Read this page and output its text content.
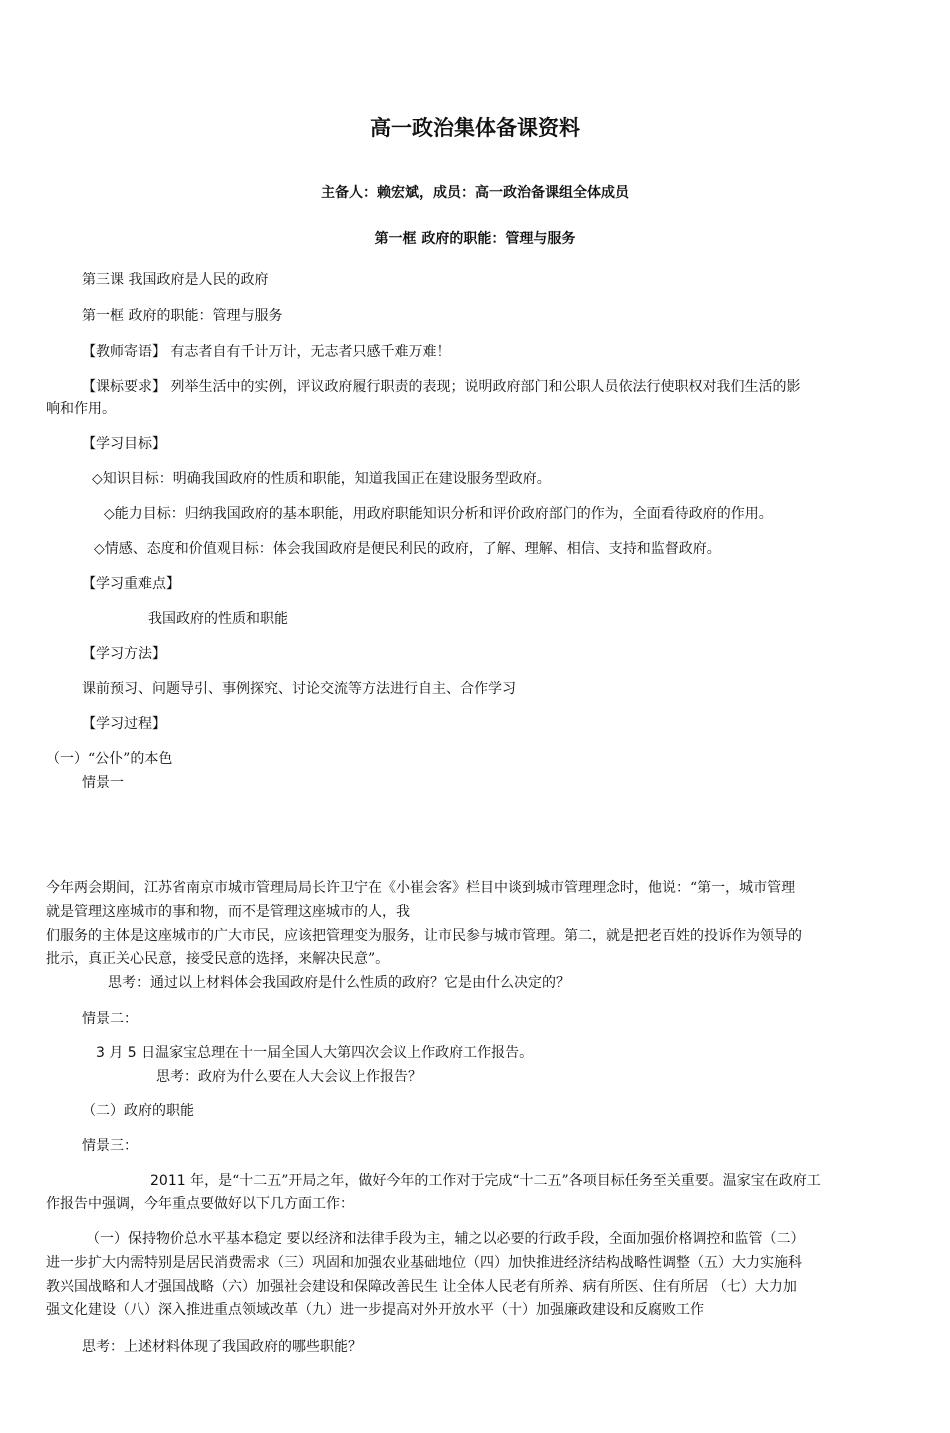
高一政治集体备课资料
主备人：赖宏斌，成员：高一政治备课组全体成员
第一框 政府的职能：管理与服务
第三课 我国政府是人民的政府
第一框 政府的职能：管理与服务
【教师寄语】 有志者自有千计万计，无志者只感千难万难！
【课标要求】 列举生活中的实例，评议政府履行职责的表现；说明政府部门和公职人员依法行使职权对我们生活的影
响和作用。
【学习目标】
◇知识目标：明确我国政府的性质和职能，知道我国正在建设服务型政府。
◇能力目标：归纳我国政府的基本职能，用政府职能知识分析和评价政府部门的作为，全面看待政府的作用。
◇情感、态度和价值观目标：体会我国政府是便民利民的政府，了解、理解、相信、支持和监督政府。
【学习重难点】
我国政府的性质和职能
【学习方法】
课前预习、问题导引、事例探究、讨论交流等方法进行自主、合作学习
【学习过程】
（一）“公仆”的本色
情景一
今年两会期间，江苏省南京市城市管理局局长许卫宁在《小崔会客》栏目中谈到城市管理理念时，他说：“第一，城市管理
就是管理这座城市的事和物，而不是管理这座城市的人，我
们服务的主体是这座城市的广大市民，应该把管理变为服务，让市民参与城市管理。第二，就是把老百姓的投诉作为领导的
批示，真正关心民意，接受民意的选择，来解决民意”。
思考：通过以上材料体会我国政府是什么性质的政府？它是由什么决定的？
情景二：
3 月 5 日温家宝总理在十一届全国人大第四次会议上作政府工作报告。
思考：政府为什么要在人大会议上作报告？
（二）政府的职能
情景三：
2011 年，是“十二五”开局之年，做好今年的工作对于完成“十二五”各项目标任务至关重要。温家宝在政府工
作报告中强调，今年重点要做好以下几方面工作：
（一）保持物价总水平基本稳定 要以经济和法律手段为主，辅之以必要的行政手段，全面加强价格调控和监管（二）
进一步扩大内需特别是居民消费需求（三）巩固和加强农业基础地位（四）加快推进经济结构战略性调整（五）大力实施科
教兴国战略和人才强国战略（六）加强社会建设和保障改善民生 让全体人民老有所养、病有所医、住有所居 （七）大力加
强文化建设（八）深入推进重点领域改革（九）进一步提高对外开放水平（十）加强廉政建设和反腐败工作
思考：上述材料体现了我国政府的哪些职能？
